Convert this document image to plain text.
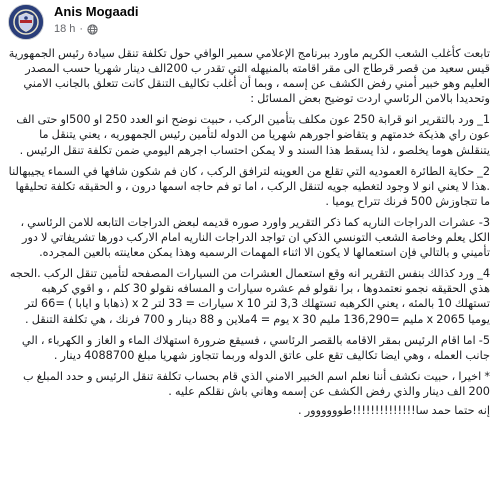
Anis Mogaadi
18 h ·

تابعت كأغلب الشعب الكريم ماورد ببرنامج الإعلامي سمير الوافي حول تكلفة تنقل سيادة رئيس الجمهورية قيس سعيد من قصر قرطاج الى مقر اقامته بالمنيهله التي تقدر ب 200الف دينار شهريا حسب المصدر العليم وهو خبير أمني رفض الكشف عن إسمه ، وبما أن أغلب تكاليف التنقل كانت تتعلق بالجانب الامني وتحديدا بالامن الرئاسي اردت توضيح بعض المسائل :

1_ ورد بالتقرير انو قرابة 250 عون مكلف بتأمين الركب ، حبيت نوضح انو العدد 250 او 500او حتى الف عون راي هذيكة خدمتهم و يتقاضو اجورهم شهريا من الدوله لتأمين رئيس الجمهوريه ، يعني يتنقل ما يتنقلش هوما يخلصو ، لذا يسقط هذا السند و لا يمكن احتساب اجرهم اليومي ضمن تكلفة تنقل الرئيس .

2_ حكاية الطائرة العموديه التي تقلع من العوينه لترافق الركب ، كان فم شكون شافها في السماء يجيبهالنا .هذا لا يعني انو لا وجود لتغطيه جويه لتنقل الركب ، اما تو فم حاجه اسمها درون ، و الحقيقه تكلفة تحليقها ما تتجاوزش 500 فرنك تتراح يوميا .

3- عشرات الدراجات الناريه كما ذكر التقرير واورد صوره قديمه لبعض الدراجات التابعه للامن الرئاسي ، الكل يعلم وخاصة الشعب التونسي الذكي ان تواجد الدراجات الناريه امام الاركب دورها تشريفاتي لا دور تأميني و بالتالي فإن استعمالها لا يكون الا اثناء المهمات الرسميه وهذا يمكن معاينته بالعين المجرده.

4_ ورد كذالك بنفس التقرير انه وقع استعمال العشرات من السيارات المصفحه لتأمين تنقل الركب .الحجه هذي الحقيقه نجمو نعتمدوها ، برا نقولو فم عشره سيارات و المسافه نقولو 30 كلم ، و اقوي كرهبه تستهلك 10 بالمئه ، يعني الكرهبه تستهلك 3,3 لتر x 10 سيارات = 33 لتر x 2 (ذهابا و ايابا ) =66 لتر يوميا x 2065 مليم =136,290 مليم x 30 يوم = 4ملاين و 88 دينار و 700 فرنك ، هي تكلفة التنقل .

5- اما اقام الرئيس بمقر الاقامه بالقصر الرئاسي ، فسيقع ضرورة استهلاك الماء و الغاز و الكهرباء ، الي جانب العمله ، وهي ايضا تكاليف تقع على عاتق الدوله وربما تتجاوز شهريا مبلغ 4088700 دينار .

* اخيرا ، حبيت نكشف أننا نعلم اسم الخبير الامني الذي قام بحساب تكلفة تنقل الرئيس و حدد المبلغ ب 200 الف دينار والذي رفض الكشف عن إسمه وهاني باش نقلكم عليه .

إنه حتما حمد سا!!!!!!!!!!!!!!طوووووور .
